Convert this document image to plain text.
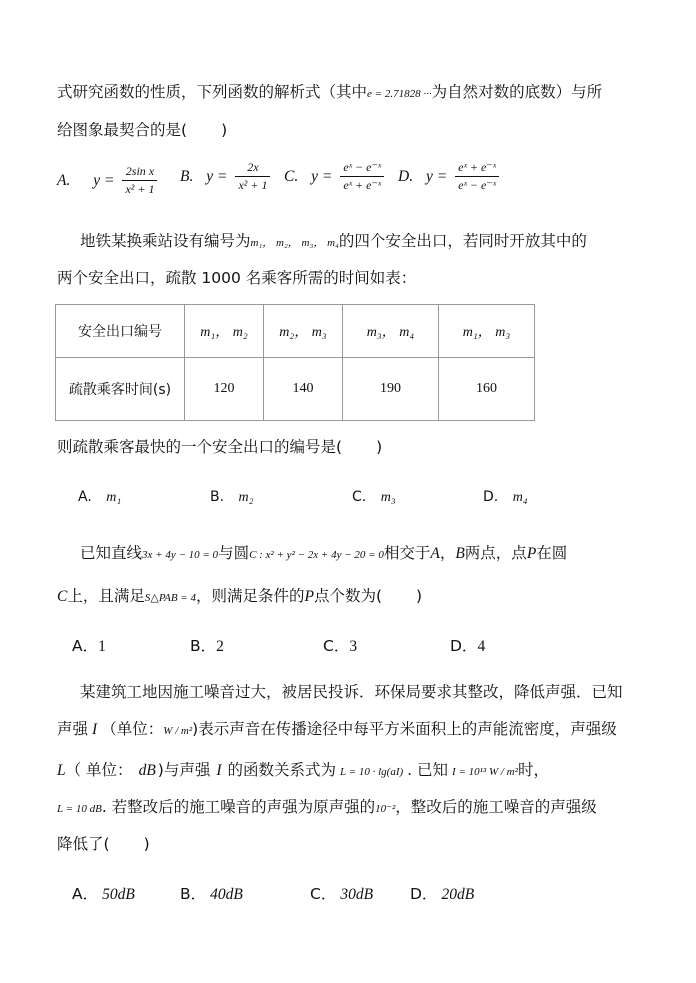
式研究函数的性质，下列函数的解析式（其中e = 2.71828 ···为自然对数的底数）与所
给图象最契合的是( )
A. $y = \frac{\text{2sin x}}{\text{x² + 1}} B$. $y = \frac{2x}{\text{x² + 1}} C$. $y = \frac{\text{eˣ − e⁻ˣ}}{\text{eˣ + e⁻ˣ}} D$. $y = \frac{\text{eˣ + e⁻ˣ}}{\text{eˣ − e⁻ˣ}}$
地铁某换乘站设有编号为m₁， m₂， m₃， m₄的四个安全出口，若同时开放其中的
两个安全出口，疏散 1000 名乘客所需的时间如表：
安全出口编号	m₁， m₂	m₂， m₃	m₃， m₄	m₁， m₃
疏散乘客时间(s)	120	140	190	160
则疏散乘客最快的一个安全出口的编号是( )
A. m₁	B. m₂	C. m₃	D. m₄
已知直线3x + 4y − 10 = 0与圆C : x² + y² − 2x + 4y − 20 = 0相交于A，B两点，点P在圆
C上，且满足S△PAB = 4，则满足条件的P点个数为( )
A．1	B．2	C．3	D．4
某建筑工地因施工噪音过大，被居民投诉．环保局要求其整改，降低声强．已知
声强 I （单位：W / m²)表示声音在传播途径中每平方米面积上的声能流密度，声强级
L（ 单位： dB )与声强 I 的函数关系式为 L = 10 · lg(aI) . 已知 I = 10¹³ W / m²时，
L = 10 dB. 若整改后的施工噪音的声强为原声强的10⁻²，整改后的施工噪音的声强级
降低了( )
A． 50dB	B． 40dB	C． 30dB D． 20dB
